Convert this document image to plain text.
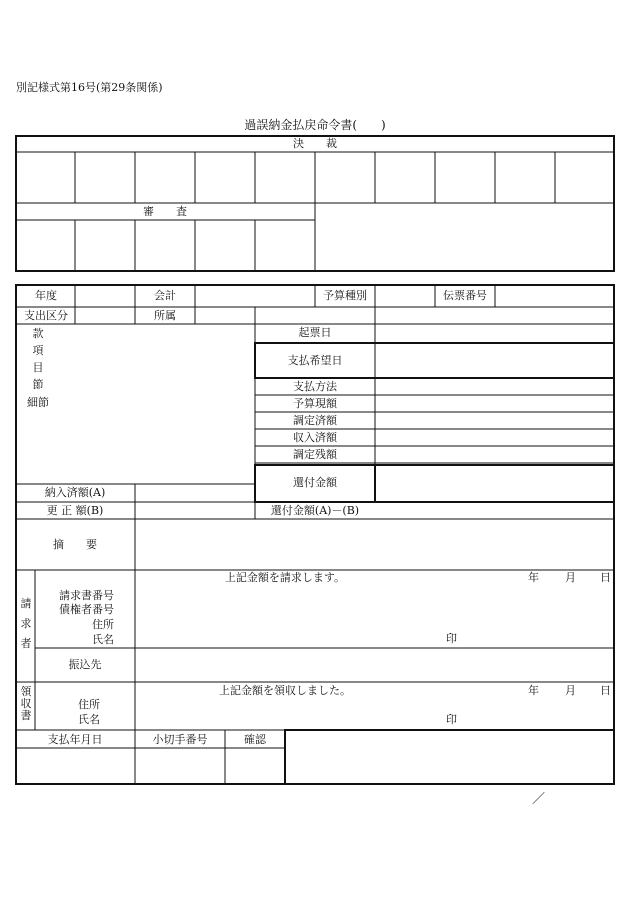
別記様式第16号(第29条関係)
過誤納金払戻命令書(　　)
決　　裁
審　　査
年度	会計	予算種別	伝票番号
支出区分	所属
款
項
目
節
細節
起票日
支払希望日
支払方法
予算現額
調定済額
収入済額
調定残額
還付金額
納入済額(A)
更 正 額(B)	還付金額(A)－(B)
摘　　要
請求者
上記金額を請求します。	年 月 日
請求書番号
債権者番号
住所
氏名	印
振込先
領収書
上記金額を領収しました。	年 月 日
住所
氏名	印
支払年月日	小切手番号	確認
／
